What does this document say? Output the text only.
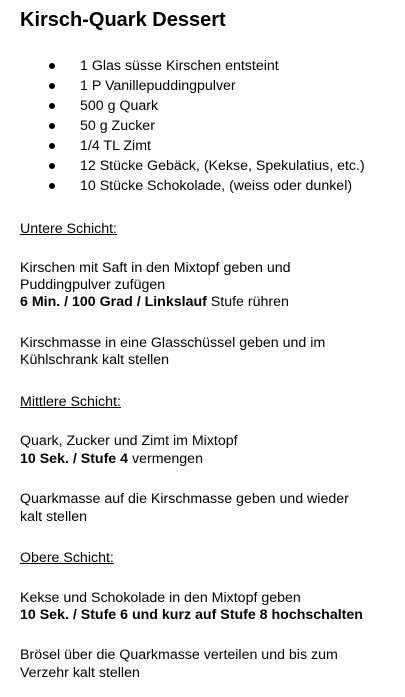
Kirsch-Quark Dessert
1 Glas süsse Kirschen entsteint
1 P Vanillepuddingpulver
500 g Quark
50 g Zucker
1/4 TL Zimt
12 Stücke Gebäck, (Kekse, Spekulatius, etc.)
10 Stücke Schokolade, (weiss oder dunkel)
Untere Schicht:
Kirschen mit Saft in den Mixtopf geben und
Puddingpulver zufügen
6 Min. / 100 Grad / Linkslauf Stufe rühren
Kirschmasse in eine Glasschüssel geben und im
Kühlschrank kalt stellen
Mittlere Schicht:
Quark, Zucker und Zimt im Mixtopf
10 Sek. / Stufe 4 vermengen
Quarkmasse auf die Kirschmasse geben und wieder
kalt stellen
Obere Schicht:
Kekse und Schokolade in den Mixtopf geben
10 Sek. / Stufe 6 und kurz auf Stufe 8 hochschalten
Brösel über die Quarkmasse verteilen und bis zum
Verzehr kalt stellen
